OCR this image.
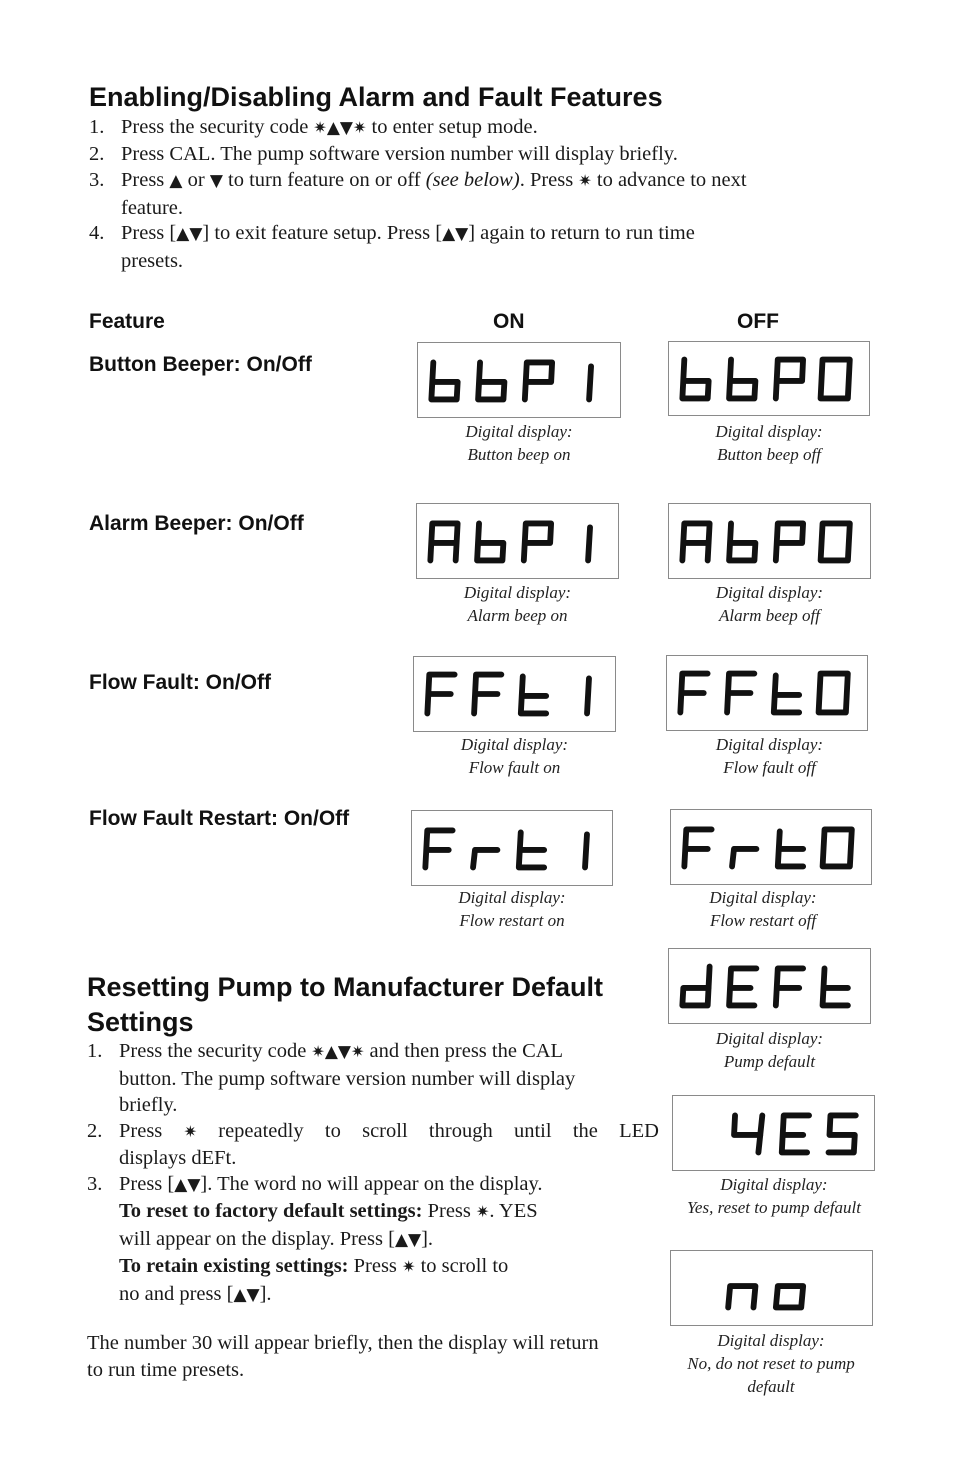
Enabling/Disabling Alarm and Fault Features
1. Press the security code ✷▲▼✷ to enter setup mode.
2. Press CAL. The pump software version number will display briefly.
3. Press ▲ or ▼ to turn feature on or off (see below). Press ✷ to advance to next
feature.
4. Press [▲▼] to exit feature setup. Press [▲▼] again to return to run time
presets.
Feature	ON	OFF
Button Beeper: On/Off
Alarm Beeper: On/Off
Flow Fault: On/Off
Flow Fault Restart: On/Off
Digital display:
Button beep on
Digital display:
Button beep off
Digital display:
Alarm beep on
Digital display:
Alarm beep off
Digital display:
Flow fault on
Digital display:
Flow fault off
Digital display:
Flow restart on
Digital display:
Flow restart off
Resetting Pump to Manufacturer Default
Settings
1. Press the security code ✷▲▼✷ and then press the CAL
button. The pump software version number will display
briefly.
2. Press ✷ repeatedly to scroll through until the LED
displays dEFt.
3. Press [▲▼]. The word no will appear on the display.
To reset to factory default settings: Press ✷. YES
will appear on the display. Press [▲▼].
To retain existing settings: Press ✷ to scroll to
no and press [▲▼].
The number 30 will appear briefly, then the display will return
to run time presets.
Digital display:
Pump default
Digital display:
Yes, reset to pump default
Digital display:
No, do not reset to pump
default
